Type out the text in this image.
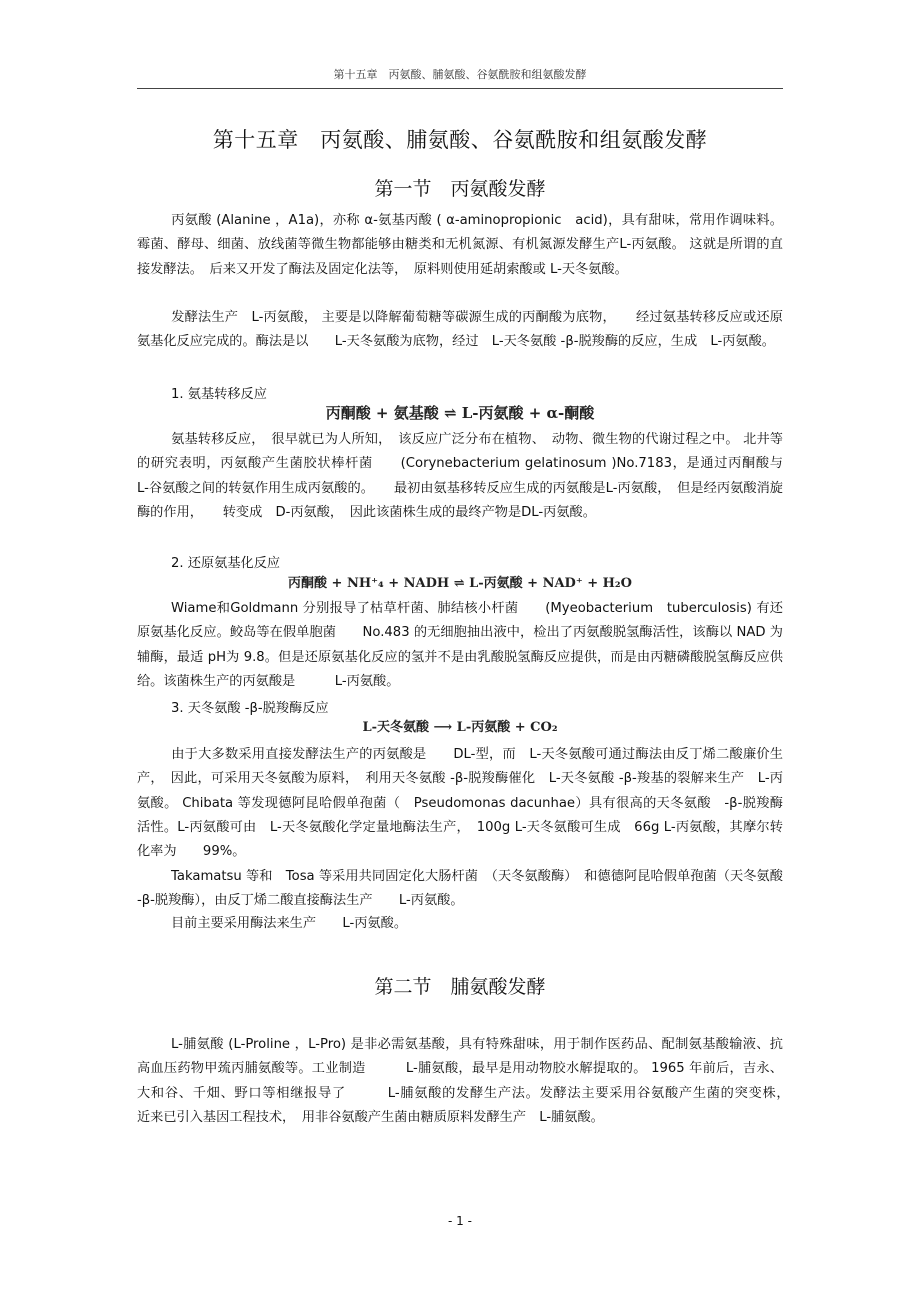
第十五章　丙氨酸、脯氨酸、谷氨酰胺和组氨酸发酵
第十五章　丙氨酸、脯氨酸、谷氨酰胺和组氨酸发酵
第一节　丙氨酸发酵

丙氨酸 (Alanine ，A1a)，亦称 α-氨基丙酸 ( α-aminopropionic　acid)，具有甜味，常用作调味料。霉菌、酵母、细菌、放线菌等微生物都能够由糖类和无机氮源、有机氮源发酵生产L-丙氨酸。 这就是所谓的直接发酵法。　后来又开发了酶法及固定化法等，　原料则使用延胡索酸或 L-天冬氨酸。

发酵法生产　L-丙氨酸， 主要是以降解葡萄糖等碳源生成的丙酮酸为底物，　　经过氨基转移反应或还原氨基化反应完成的。酶法是以　　L-天冬氨酸为底物，经过　L-天冬氨酸 -β-脱羧酶的反应，生成　L-丙氨酸。

1. 氨基转移反应
丙酮酸 + 氨基酸 ⇌ L-丙氨酸 + α-酮酸

氨基转移反应，　很早就已为人所知，　该反应广泛分布在植物、　动物、微生物的代谢过程之中。 北井等的研究表明，丙氨酸产生菌胶状棒杆菌　　(Corynebacterium gelatinosum )No.7183，是通过丙酮酸与　L-谷氨酸之间的转氨作用生成丙氨酸的。　　最初由氨基移转反应生成的丙氨酸是L-丙氨酸，　但是经丙氨酸消旋酶的作用，　　转变成　D-丙氨酸，　因此该菌株生成的最终产物是DL-丙氨酸。

2. 还原氨基化反应
丙酮酸 + NH⁺₄ + NADH ⇌ L-丙氨酸 + NAD⁺ + H₂O

Wiame和Goldmann 分别报导了枯草杆菌、肺结核小杆菌　　(Myeobacterium　tuberculosis) 有还原氨基化反应。鲛岛等在假单胞菌　　No.483 的无细胞抽出液中，检出了丙氨酸脱氢酶活性，该酶以 NAD 为辅酶，最适 pH为 9.8。但是还原氨基化反应的氢并不是由乳酸脱氢酶反应提供，而是由丙糖磷酸脱氢酶反应供给。该菌株生产的丙氨酸是　　　L-丙氨酸。

3. 天冬氨酸 -β-脱羧酶反应
L-天冬氨酸 ⟶ L-丙氨酸 + CO₂

由于大多数采用直接发酵法生产的丙氨酸是　　DL-型，而　L-天冬氨酸可通过酶法由反丁烯二酸廉价生产，　因此，可采用天冬氨酸为原料，　利用天冬氨酸 -β-脱羧酶催化　L-天冬氨酸 -β-羧基的裂解来生产　L-丙氨酸。 Chibata 等发现德阿昆哈假单孢菌（　Pseudomonas dacunhae）具有很高的天冬氨酸　-β-脱羧酶活性。L-丙氨酸可由　L-天冬氨酸化学定量地酶法生产，　100g L-天冬氨酸可生成　66g L-丙氨酸，其摩尔转化率为　　99%。

Takamatsu 等和　Tosa 等采用共同固定化大肠杆菌　（天冬氨酸酶）　和德德阿昆哈假单孢菌（天冬氨酸 -β-脱羧酶），由反丁烯二酸直接酶法生产　　L-丙氨酸。

目前主要采用酶法来生产　　L-丙氨酸。

第二节　脯氨酸发酵

L-脯氨酸 (L-Proline ，L-Pro) 是非必需氨基酸，具有特殊甜味，用于制作医药品、配制氨基酸输液、抗高血压药物甲巯丙脯氨酸等。工业制造　　　L-脯氨酸，最早是用动物胶水解提取的。 1965 年前后，吉永、大和谷、千畑、野口等相继报导了　　　L-脯氨酸的发酵生产法。发酵法主要采用谷氨酸产生菌的突变株，　　近来已引入基因工程技术，　用非谷氨酸产生菌由糖质原料发酵生产　L-脯氨酸。

- 1 -
